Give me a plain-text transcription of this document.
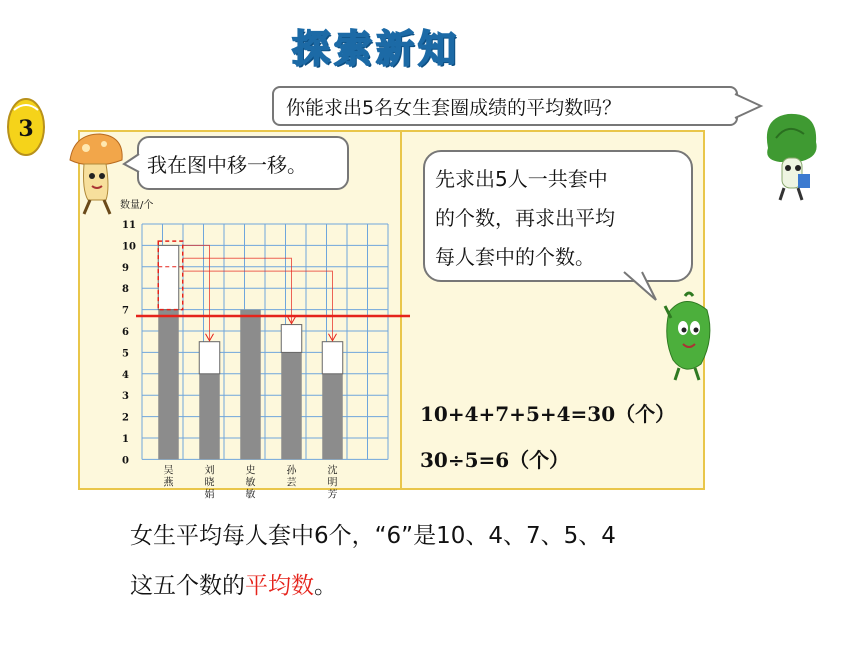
探索新知
3
你能求出5名女生套圈成绩的平均数吗？
我在图中移一移。
先求出5人一共套中
的个数，再求出平均
每人套中的个数。
10+4+7+5+4=30（个）
30÷5=6（个）
数量/个
0
1
2
3
4
5
6
7
8
9
10
11
吴
燕
刘
晓
娟
史
敏
敏
孙
芸
沈
明
芳
女生平均每人套中6个，“6”是10、4、7、5、4
这五个数的平均数。
